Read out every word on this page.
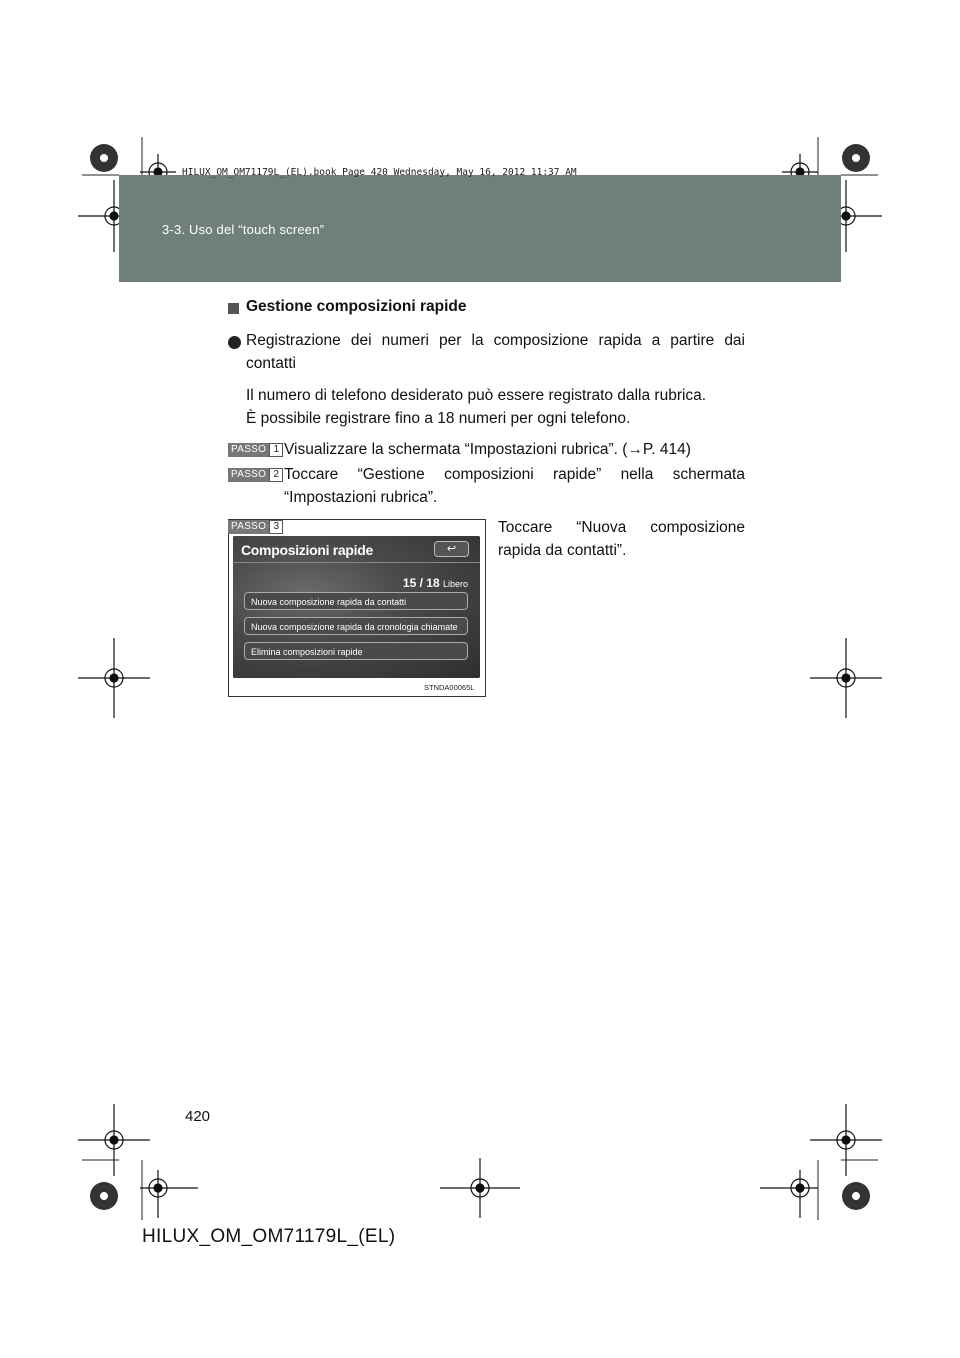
3-3. Uso del “touch screen”
HILUX_OM_OM71179L_(EL).book Page 420 Wednesday, May 16, 2012 11:37 AM
Gestione composizioni rapide
Registrazione dei numeri per la composizione rapida a partire dai contatti
Il numero di telefono desiderato può essere registrato dalla rubrica.
È possibile registrare fino a 18 numeri per ogni telefono.
PASSO 1 Visualizzare la schermata “Impostazioni rubrica”. (→P. 414)
PASSO 2 Toccare “Gestione composizioni rapide” nella schermata “Impostazioni rubrica”.
PASSO 3
Composizioni rapide	↩
15 / 18 Libero
Nuova composizione rapida da contatti
Nuova composizione rapida da cronologia chiamate
Elimina composizioni rapide
STNDA00065L
Toccare “Nuova composizione rapida da contatti”.
420
HILUX_OM_OM71179L_(EL)
